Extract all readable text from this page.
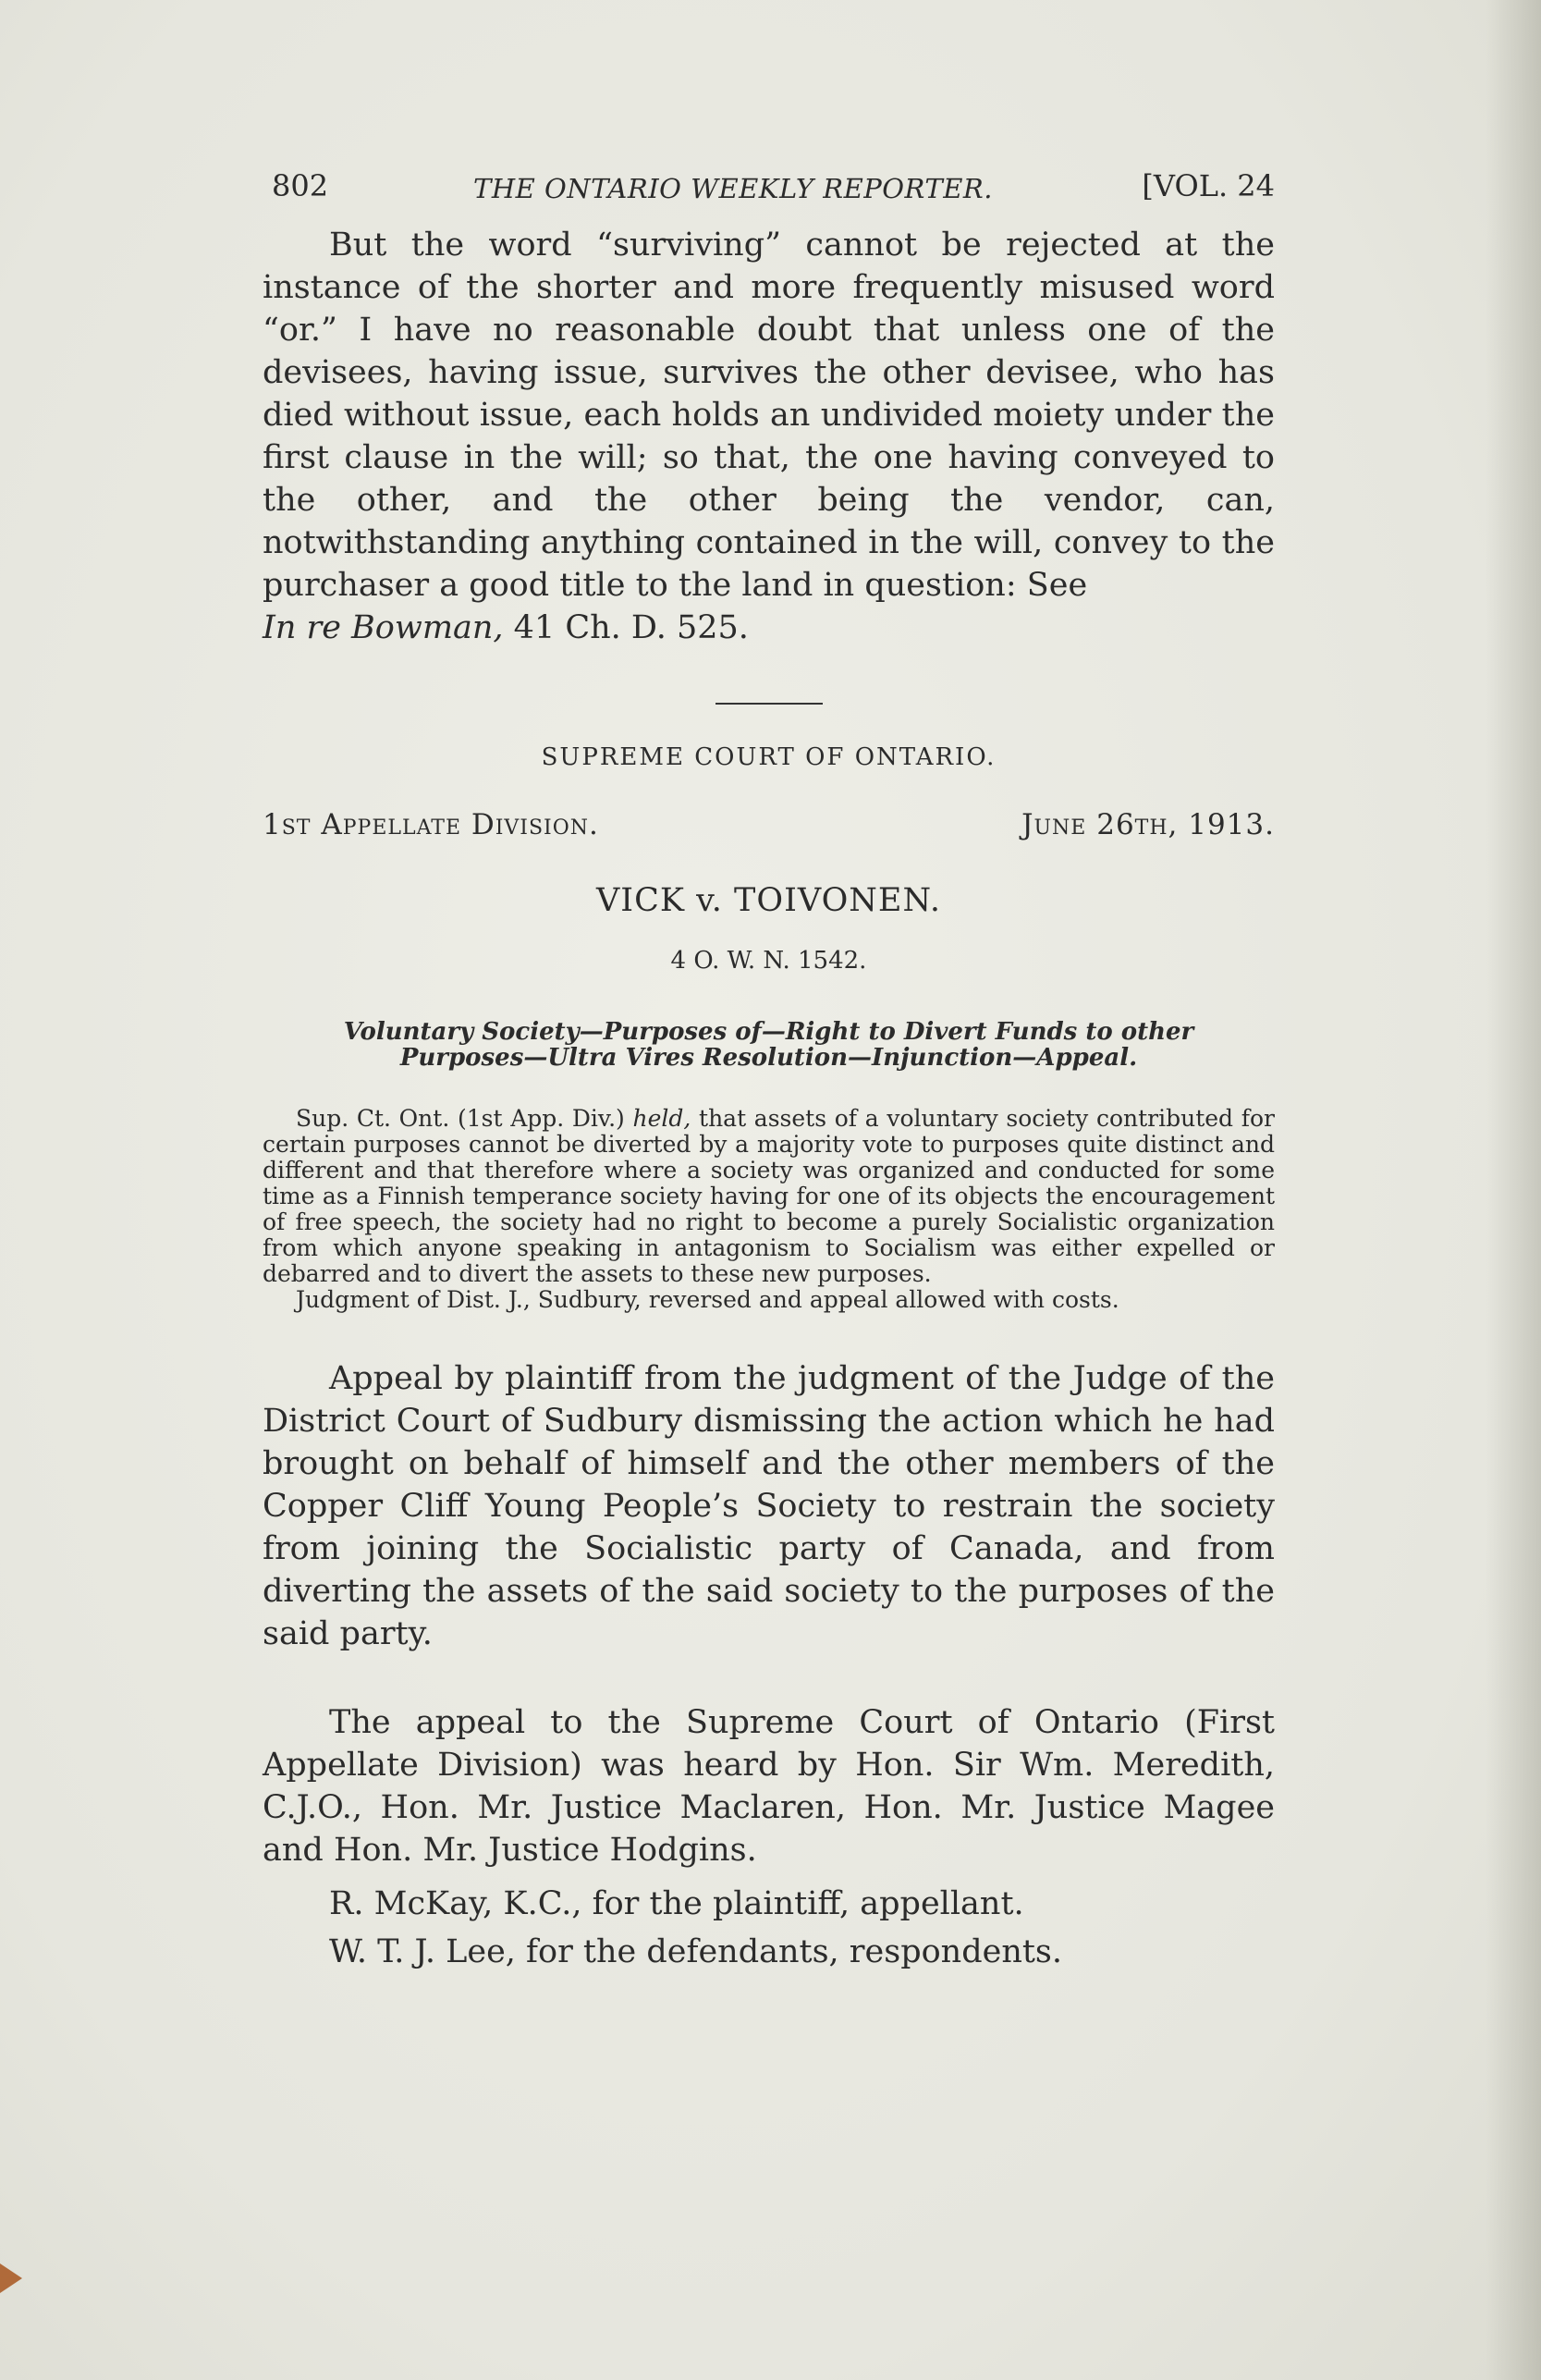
802	THE ONTARIO WEEKLY REPORTER.	[VOL. 24

But the word “surviving” cannot be rejected at the instance of the shorter and more frequently misused word “or.” I have no reasonable doubt that unless one of the devisees, having issue, survives the other devisee, who has died without issue, each holds an undivided moiety under the first clause in the will; so that, the one having conveyed to the other, and the other being the vendor, can, notwithstanding anything contained in the will, convey to the purchaser a good title to the land in question: See
In re Bowman, 41 Ch. D. 525.

SUPREME COURT OF ONTARIO.

1st Appellate Division.	June 26th, 1913.

VICK v. TOIVONEN.

4 O. W. N. 1542.

Voluntary Society—Purposes of—Right to Divert Funds to other
Purposes—Ultra Vires Resolution—Injunction—Appeal.

Sup. Ct. Ont. (1st App. Div.) held, that assets of a voluntary society contributed for certain purposes cannot be diverted by a majority vote to purposes quite distinct and different and that therefore where a society was organized and conducted for some time as a Finnish temperance society having for one of its objects the encouragement of free speech, the society had no right to become a purely Socialistic organization from which anyone speaking in antagonism to Socialism was either expelled or debarred and to divert the assets to these new purposes.

Judgment of Dist. J., Sudbury, reversed and appeal allowed with costs.

Appeal by plaintiff from the judgment of the Judge of the District Court of Sudbury dismissing the action which he had brought on behalf of himself and the other members of the Copper Cliff Young People’s Society to restrain the society from joining the Socialistic party of Canada, and from diverting the assets of the said society to the purposes of the said party.

The appeal to the Supreme Court of Ontario (First Appellate Division) was heard by Hon. Sir Wm. Meredith, C.J.O., Hon. Mr. Justice Maclaren, Hon. Mr. Justice Magee and Hon. Mr. Justice Hodgins.

R. McKay, K.C., for the plaintiff, appellant.

W. T. J. Lee, for the defendants, respondents.
